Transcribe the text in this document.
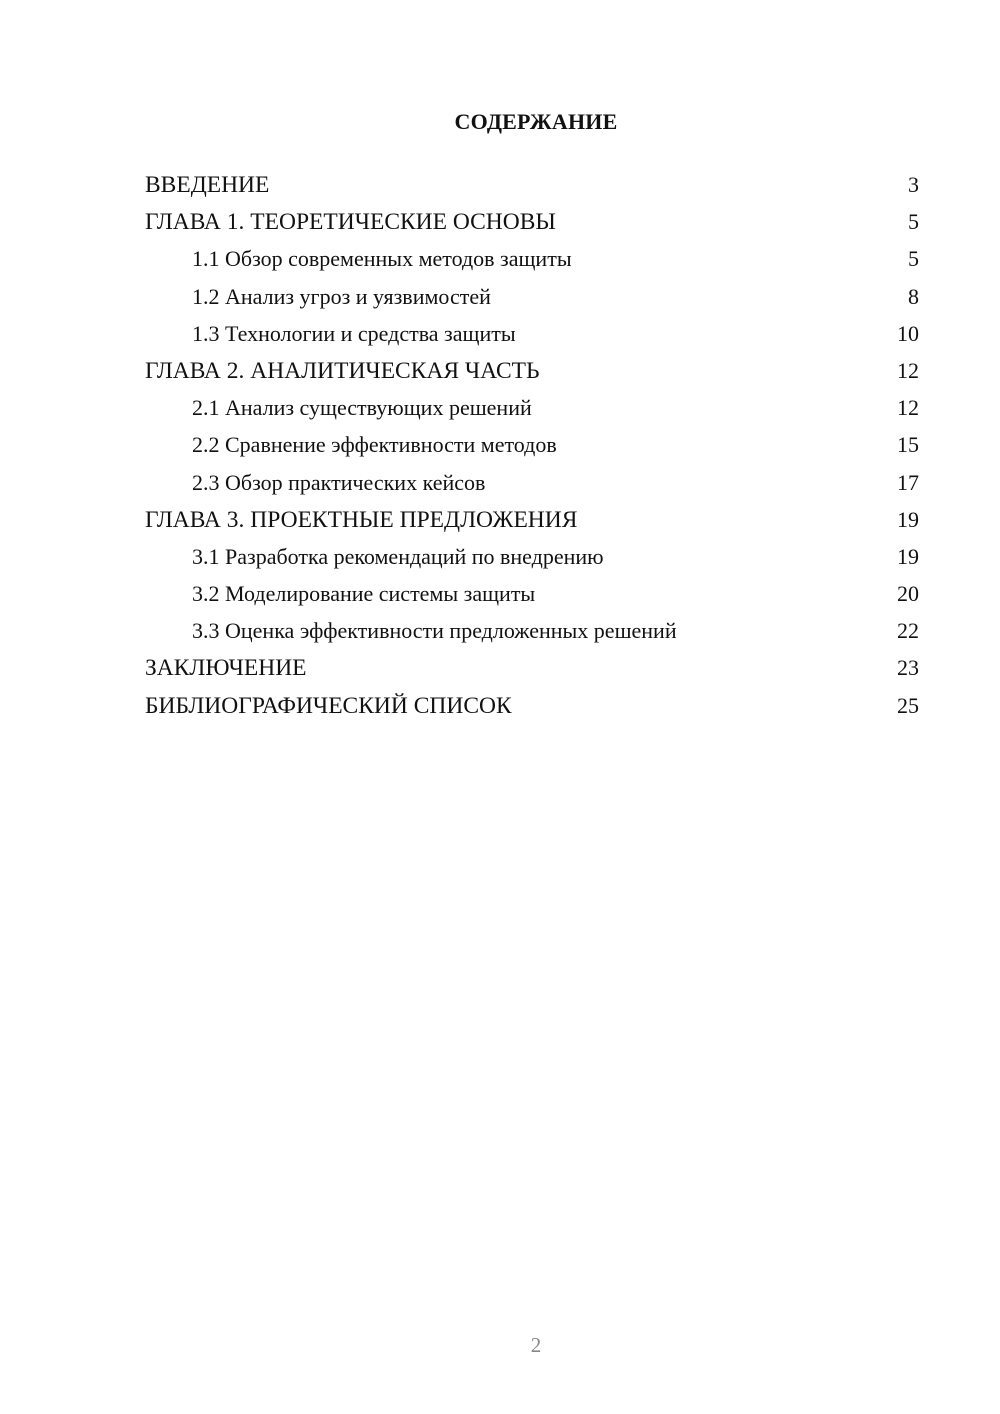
СОДЕРЖАНИЕ
ВВЕДЕНИЕ	3
ГЛАВА 1. ТЕОРЕТИЧЕСКИЕ ОСНОВЫ	5
1.1 Обзор современных методов защиты	5
1.2 Анализ угроз и уязвимостей	8
1.3 Технологии и средства защиты	10
ГЛАВА 2. АНАЛИТИЧЕСКАЯ ЧАСТЬ	12
2.1 Анализ существующих решений	12
2.2 Сравнение эффективности методов	15
2.3 Обзор практических кейсов	17
ГЛАВА 3. ПРОЕКТНЫЕ ПРЕДЛОЖЕНИЯ	19
3.1 Разработка рекомендаций по внедрению	19
3.2 Моделирование системы защиты	20
3.3 Оценка эффективности предложенных решений	22
ЗАКЛЮЧЕНИЕ	23
БИБЛИОГРАФИЧЕСКИЙ СПИСОК	25
2
